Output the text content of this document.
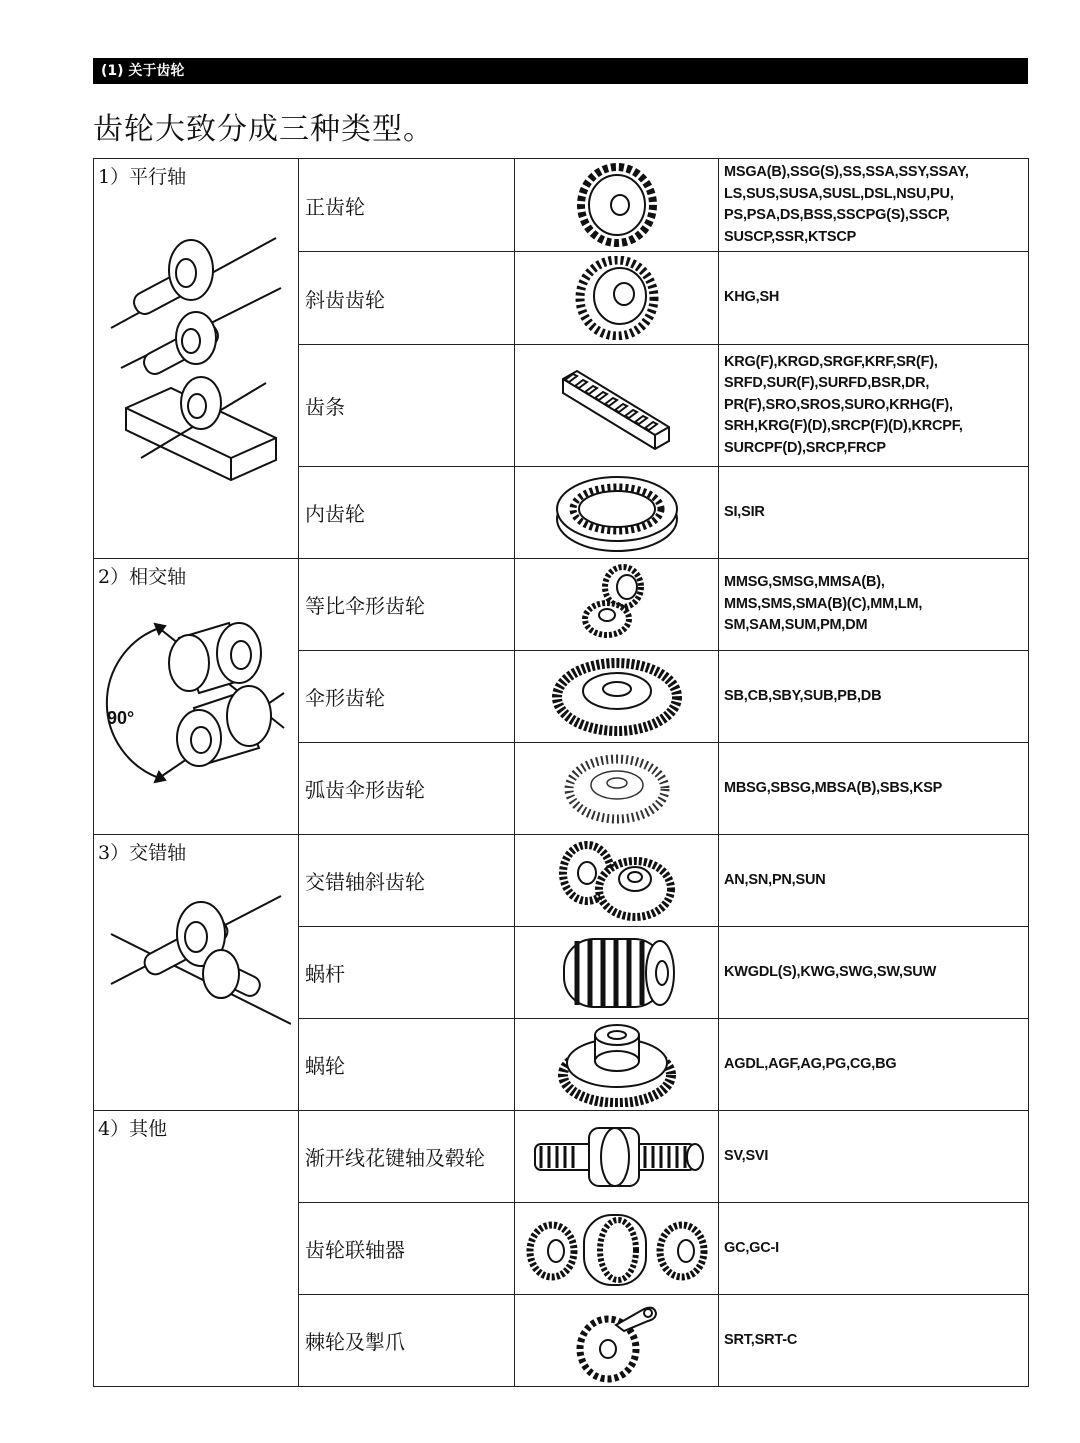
(1) 关于齿轮
齿轮大致分成三种类型。
1）平行轴	正齿轮		MSGA(B),SSG(S),SS,SSA,SSY,SSAY,
LS,SUS,SUSA,SUSL,DSL,NSU,PU,
PS,PSA,DS,BSS,SSCPG(S),SSCP,
SUSCP,SSR,KTSCP

	斜齿齿轮		KHG,SH

	齿条		KRG(F),KRGD,SRGF,KRF,SR(F),
SRFD,SUR(F),SURFD,BSR,DR,
PR(F),SRO,SROS,SURO,KRHG(F),
SRH,KRG(F)(D),SRCP(F)(D),KRCPF,
SURCPF(D),SRCP,FRCP

	内齿轮		SI,SIR

2）相交轴
90°	等比伞形齿轮		MMSG,SMSG,MMSA(B),
MMS,SMS,SMA(B)(C),MM,LM,
SM,SAM,SUM,PM,DM

	伞形齿轮		SB,CB,SBY,SUB,PB,DB

	弧齿伞形齿轮		MBSG,SBSG,MBSA(B),SBS,KSP

3）交错轴	交错轴斜齿轮		AN,SN,PN,SUN

	蜗杆		KWGDL(S),KWG,SWG,SW,SUW

	蜗轮		AGDL,AGF,AG,PG,CG,BG

4）其他	渐开线花键轴及毂轮		SV,SVI

	齿轮联轴器		GC,GC-I

	棘轮及掣爪		SRT,SRT-C
